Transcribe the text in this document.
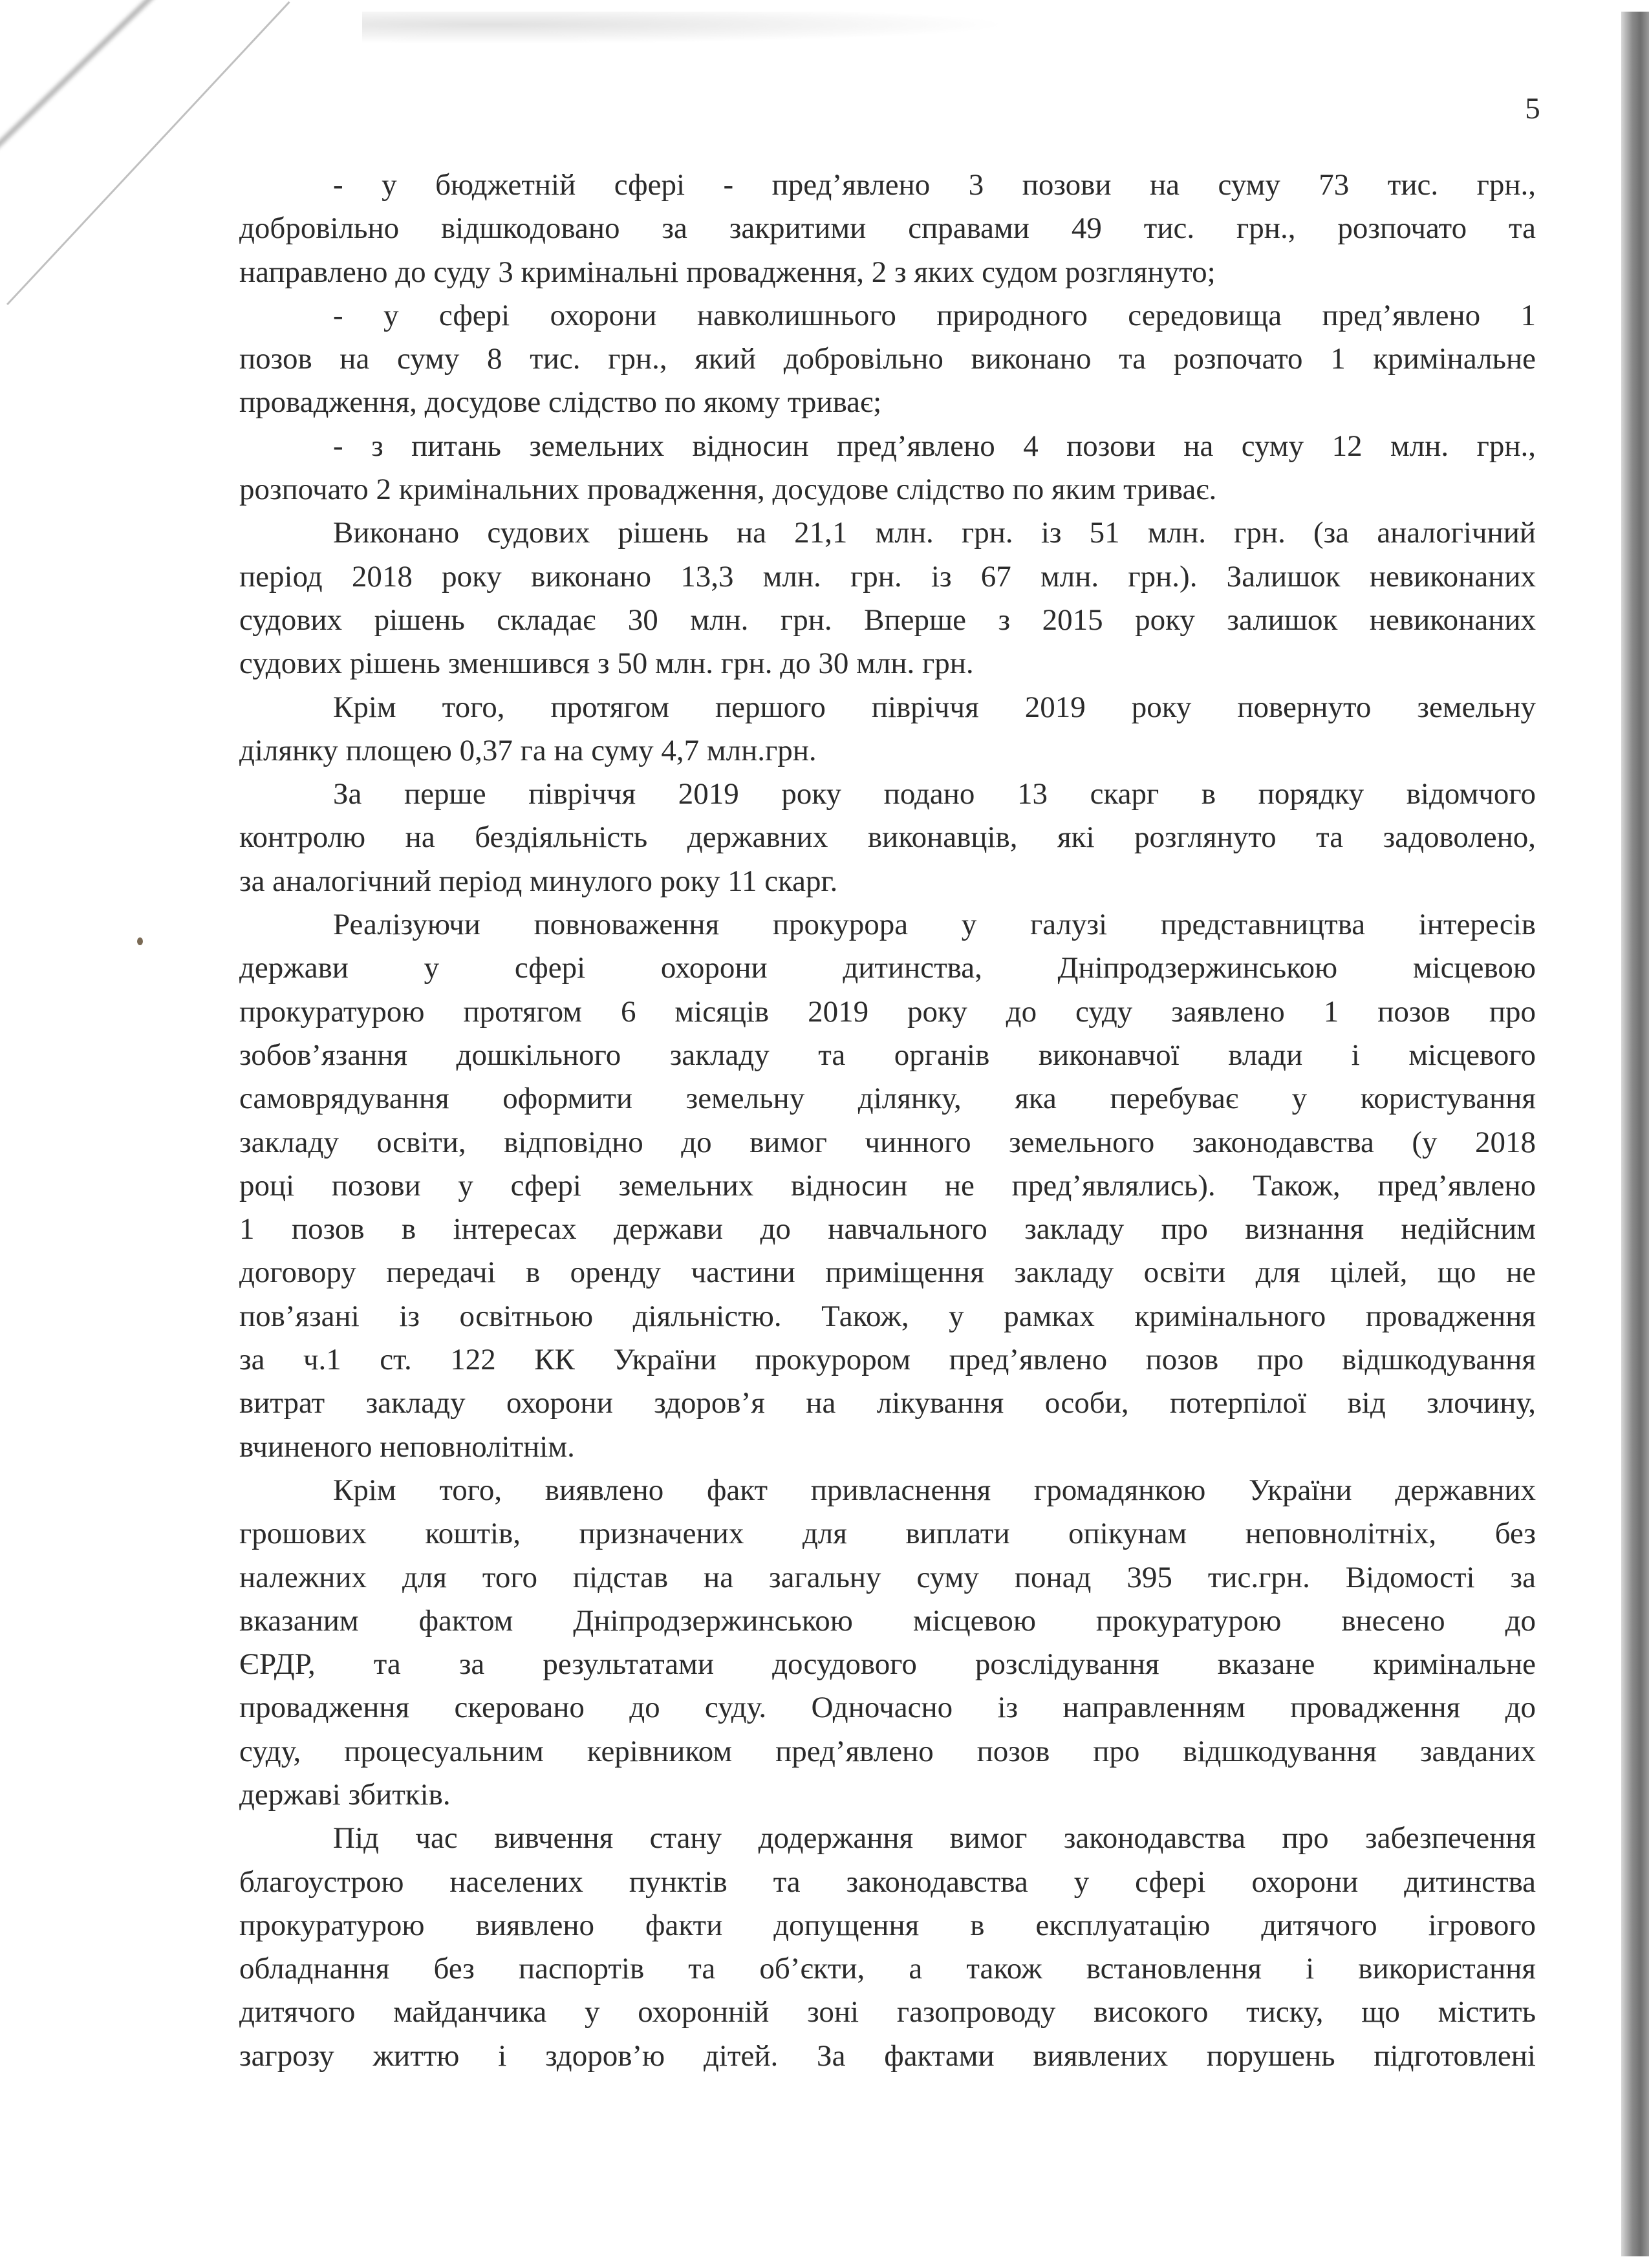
5
- у бюджетній сфері - пред’явлено 3 позови на суму 73 тис. грн.,
добровільно відшкодовано за закритими справами 49 тис. грн., розпочато та
направлено до суду 3 кримінальні провадження, 2 з яких судом розглянуто;
- у сфері охорони навколишнього природного середовища пред’явлено 1
позов на суму 8 тис. грн., який добровільно виконано та розпочато 1 кримінальне
провадження, досудове слідство по якому триває;
- з питань земельних відносин пред’явлено 4 позови на суму 12 млн. грн.,
розпочато 2 кримінальних провадження, досудове слідство по яким триває.
Виконано судових рішень на 21,1 млн. грн. із 51 млн. грн. (за аналогічний
період 2018 року виконано 13,3 млн. грн. із 67 млн. грн.). Залишок невиконаних
судових рішень складає 30 млн. грн. Вперше з 2015 року залишок невиконаних
судових рішень зменшився з 50 млн. грн. до 30 млн. грн.
Крім того, протягом першого півріччя 2019 року повернуто земельну
ділянку площею 0,37 га на суму 4,7 млн.грн.
За перше півріччя 2019 року подано 13 скарг в порядку відомчого
контролю на бездіяльність державних виконавців, які розглянуто та задоволено,
за аналогічний період минулого року 11 скарг.
Реалізуючи повноваження прокурора у галузі представництва інтересів
держави у сфері охорони дитинства, Дніпродзержинською місцевою
прокуратурою протягом 6 місяців 2019 року до суду заявлено 1 позов про
зобов’язання дошкільного закладу та органів виконавчої влади і місцевого
самоврядування оформити земельну ділянку, яка перебуває у користування
закладу освіти, відповідно до вимог чинного земельного законодавства (у 2018
році позови у сфері земельних відносин не пред’являлись). Також, пред’явлено
1 позов в інтересах держави до навчального закладу про визнання недійсним
договору передачі в оренду частини приміщення закладу освіти для цілей, що не
пов’язані із освітньою діяльністю. Також, у рамках кримінального провадження
за ч.1 ст. 122 КК України прокурором пред’явлено позов про відшкодування
витрат закладу охорони здоров’я на лікування особи, потерпілої від злочину,
вчиненого неповнолітнім.
Крім того, виявлено факт привласнення громадянкою України державних
грошових коштів, призначених для виплати опікунам неповнолітніх, без
належних для того підстав на загальну суму понад 395 тис.грн. Відомості за
вказаним фактом Дніпродзержинською місцевою прокуратурою внесено до
ЄРДР, та за результатами досудового розслідування вказане кримінальне
провадження скеровано до суду. Одночасно із направленням провадження до
суду, процесуальним керівником пред’явлено позов про відшкодування завданих
державі збитків.
Під час вивчення стану додержання вимог законодавства про забезпечення
благоустрою населених пунктів та законодавства у сфері охорони дитинства
прокуратурою виявлено факти допущення в експлуатацію дитячого ігрового
обладнання без паспортів та об’єкти, а також встановлення і використання
дитячого майданчика у охоронній зоні газопроводу високого тиску, що містить
загрозу життю і здоров’ю дітей. За фактами виявлених порушень підготовлені
